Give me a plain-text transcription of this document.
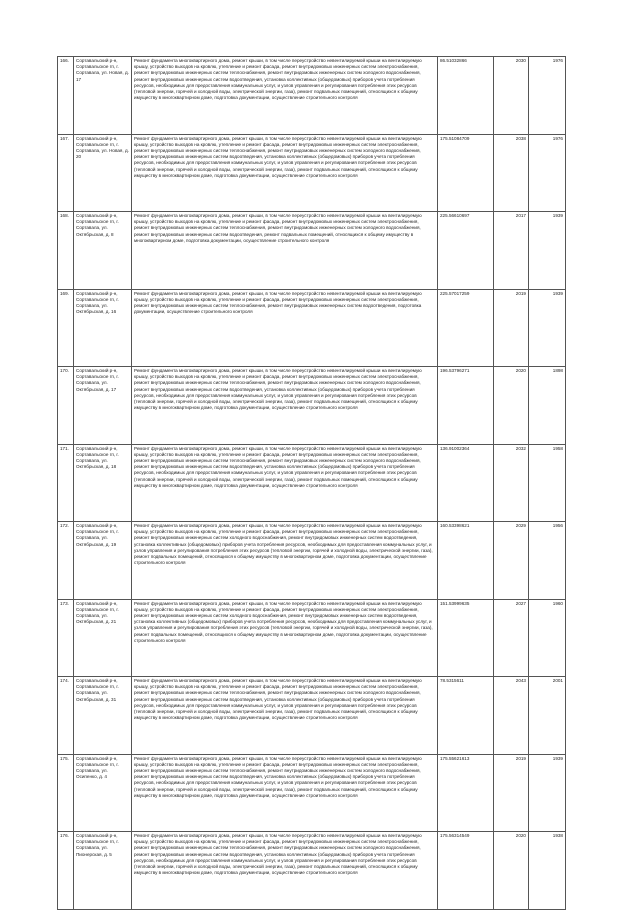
166.	Сортавальский р-н, Сортавальское гп, г. Сортавала, ул. Новая, д. 17	Ремонт фундамента многоквартирного дома, ремонт крыши, в том числе переустройство невентилируемой крыши на вентилируемую крышу, устройство выходов на кровлю, утепление и ремонт фасада, ремонт внутридомовых инженерных систем электроснабжения, ремонт внутридомовых инженерных систем теплоснабжения, ремонт внутридомовых инженерных систем холодного водоснабжения, ремонт внутридомовых инженерных систем водоотведения, установка коллективных (общедомовых) приборов учета потребления ресурсов, необходимых для предоставления коммунальных услуг, и узлов управления и регулирования потребления этих ресурсов (тепловой энергии, горячей и холодной воды, электрической энергии, газа), ремонт подвальных помещений, относящихся к общему имуществу в многоквартирном доме, подготовка документации, осуществление строительного контроля	86.51032866	2030	1976
167.	Сортавальский р-н, Сортавальское гп, г. Сортавала, ул. Новая, д. 20	Ремонт фундамента многоквартирного дома, ремонт крыши, в том числе переустройство невентилируемой крыши на вентилируемую крышу, устройство выходов на кровлю, утепление и ремонт фасада, ремонт внутридомовых инженерных систем электроснабжения, ремонт внутридомовых инженерных систем теплоснабжения, ремонт внутридомовых инженерных систем холодного водоснабжения, ремонт внутридомовых инженерных систем водоотведения, установка коллективных (общедомовых) приборов учета потребления ресурсов, необходимых для предоставления коммунальных услуг, и узлов управления и регулирования потребления этих ресурсов (тепловой энергии, горячей и холодной воды, электрической энергии, газа), ремонт подвальных помещений, относящихся к общему имуществу в многоквартирном доме, подготовка документации, осуществление строительного контроля	175.51084709	2038	1976
168.	Сортавальский р-н, Сортавальское гп, г. Сортавала, ул. Октябрьская, д. 8	Ремонт фундамента многоквартирного дома, ремонт крыши, в том числе переустройство невентилируемой крыши на вентилируемую крышу, устройство выходов на кровлю, утепление и ремонт фасада, ремонт внутридомовых инженерных систем электроснабжения, ремонт внутридомовых инженерных систем теплоснабжения, ремонт внутридомовых инженерных систем холодного водоснабжения, ремонт внутридомовых инженерных систем водоотведения, ремонт подвальных помещений, относящихся к общему имуществу в многоквартирном доме, подготовка документации, осуществление строительного контроля	225.56610697	2017	1939
169.	Сортавальский р-н, Сортавальское гп, г. Сортавала, ул. Октябрьская, д. 16	Ремонт фундамента многоквартирного дома, ремонт крыши, в том числе переустройство невентилируемой крыши на вентилируемую крышу, устройство выходов на кровлю, утепление и ремонт фасада, ремонт внутридомовых инженерных систем электроснабжения, ремонт внутридомовых инженерных систем теплоснабжения, ремонт внутридомовых инженерных систем водоотведения, подготовка документации, осуществление строительного контроля	225.57017259	2019	1939
170.	Сортавальский р-н, Сортавальское гп, г. Сортавала, ул. Октябрьская, д. 17	Ремонт фундамента многоквартирного дома, ремонт крыши, в том числе переустройство невентилируемой крыши на вентилируемую крышу, устройство выходов на кровлю, утепление и ремонт фасада, ремонт внутридомовых инженерных систем электроснабжения, ремонт внутридомовых инженерных систем теплоснабжения, ремонт внутридомовых инженерных систем холодного водоснабжения, ремонт внутридомовых инженерных систем водоотведения, установка коллективных (общедомовых) приборов учета потребления ресурсов, необходимых для предоставления коммунальных услуг, и узлов управления и регулирования потребления этих ресурсов (тепловой энергии, горячей и холодной воды, электрической энергии, газа), ремонт подвальных помещений, относящихся к общему имуществу в многоквартирном доме, подготовка документации, осуществление строительного контроля	196.53796271	2020	1898
171.	Сортавальский р-н, Сортавальское гп, г. Сортавала, ул. Октябрьская, д. 18	Ремонт фундамента многоквартирного дома, ремонт крыши, в том числе переустройство невентилируемой крыши на вентилируемую крышу, устройство выходов на кровлю, утепление и ремонт фасада, ремонт внутридомовых инженерных систем электроснабжения, ремонт внутридомовых инженерных систем теплоснабжения, ремонт внутридомовых инженерных систем холодного водоснабжения, ремонт внутридомовых инженерных систем водоотведения, установка коллективных (общедомовых) приборов учета потребления ресурсов, необходимых для предоставления коммунальных услуг, и узлов управления и регулирования потребления этих ресурсов (тепловой энергии, горячей и холодной воды, электрической энергии, газа), ремонт подвальных помещений, относящихся к общему имуществу в многоквартирном доме, подготовка документации, осуществление строительного контроля	136.91002364	2032	1958
172.	Сортавальский р-н, Сортавальское гп, г. Сортавала, ул. Октябрьская, д. 19	Ремонт фундамента многоквартирного дома, ремонт крыши, в том числе переустройство невентилируемой крыши на вентилируемую крышу, устройство выходов на кровлю, утепление и ремонт фасада, ремонт внутридомовых инженерных систем электроснабжения, ремонт внутридомовых инженерных систем холодного водоснабжения, ремонт внутридомовых инженерных систем водоотведения, установка коллективных (общедомовых) приборов учета потребления ресурсов, необходимых для предоставления коммунальных услуг, и узлов управления и регулирования потребления этих ресурсов (тепловой энергии, горячей и холодной воды, электрической энергии, газа), ремонт подвальных помещений, относящихся к общему имуществу в многоквартирном доме, подготовка документации, осуществление строительного контроля	160.53398621	2029	1956
173.	Сортавальский р-н, Сортавальское гп, г. Сортавала, ул. Октябрьская, д. 21	Ремонт фундамента многоквартирного дома, ремонт крыши, в том числе переустройство невентилируемой крыши на вентилируемую крышу, устройство выходов на кровлю, утепление и ремонт фасада, ремонт внутридомовых инженерных систем электроснабжения, ремонт внутридомовых инженерных систем холодного водоснабжения, ремонт внутридомовых инженерных систем водоотведения, установка коллективных (общедомовых) приборов учета потребления ресурсов, необходимых для предоставления коммунальных услуг, и узлов управления и регулирования потребления этих ресурсов (тепловой энергии, горячей и холодной воды, электрической энергии, газа), ремонт подвальных помещений, относящихся к общему имуществу в многоквартирном доме, подготовка документации, осуществление строительного контроля	151.53999635	2027	1960
174.	Сортавальский р-н, Сортавальское гп, г. Сортавала, ул. Октябрьская, д. 31	Ремонт фундамента многоквартирного дома, ремонт крыши, в том числе переустройство невентилируемой крыши на вентилируемую крышу, устройство выходов на кровлю, утепление и ремонт фасада, ремонт внутридомовых инженерных систем электроснабжения, ремонт внутридомовых инженерных систем теплоснабжения, ремонт внутридомовых инженерных систем холодного водоснабжения, ремонт внутридомовых инженерных систем водоотведения, установка коллективных (общедомовых) приборов учета потребления ресурсов, необходимых для предоставления коммунальных услуг, и узлов управления и регулирования потребления этих ресурсов (тепловой энергии, горячей и холодной воды, электрической энергии, газа), ремонт подвальных помещений, относящихся к общему имуществу в многоквартирном доме, подготовка документации, осуществление строительного контроля	78.5315611	2043	2001
175.	Сортавальский р-н, Сортавальское гп, г. Сортавала, ул. Осипенко, д. 4	Ремонт фундамента многоквартирного дома, ремонт крыши, в том числе переустройство невентилируемой крыши на вентилируемую крышу, устройство выходов на кровлю, утепление и ремонт фасада, ремонт внутридомовых инженерных систем электроснабжения, ремонт внутридомовых инженерных систем теплоснабжения, ремонт внутридомовых инженерных систем холодного водоснабжения, ремонт внутридомовых инженерных систем водоотведения, установка коллективных (общедомовых) приборов учета потребления ресурсов, необходимых для предоставления коммунальных услуг, и узлов управления и регулирования потребления этих ресурсов (тепловой энергии, горячей и холодной воды, электрической энергии, газа), ремонт подвальных помещений, относящихся к общему имуществу в многоквартирном доме, подготовка документации, осуществление строительного контроля	175.55621613	2019	1939
176.	Сортавальский р-н, Сортавальское гп, г. Сортавала, ул. Пионерская, д. 5	Ремонт фундамента многоквартирного дома, ремонт крыши, в том числе переустройство невентилируемой крыши на вентилируемую крышу, устройство выходов на кровлю, утепление и ремонт фасада, ремонт внутридомовых инженерных систем электроснабжения, ремонт внутридомовых инженерных систем теплоснабжения, ремонт внутридомовых инженерных систем холодного водоснабжения, ремонт внутридомовых инженерных систем водоотведения, установка коллективных (общедомовых) приборов учета потребления ресурсов, необходимых для предоставления коммунальных услуг, и узлов управления и регулирования потребления этих ресурсов (тепловой энергии, горячей и холодной воды, электрической энергии, газа), ремонт подвальных помещений, относящихся к общему имуществу в многоквартирном доме, подготовка документации, осуществление строительного контроля	175.56314549	2020	1938
